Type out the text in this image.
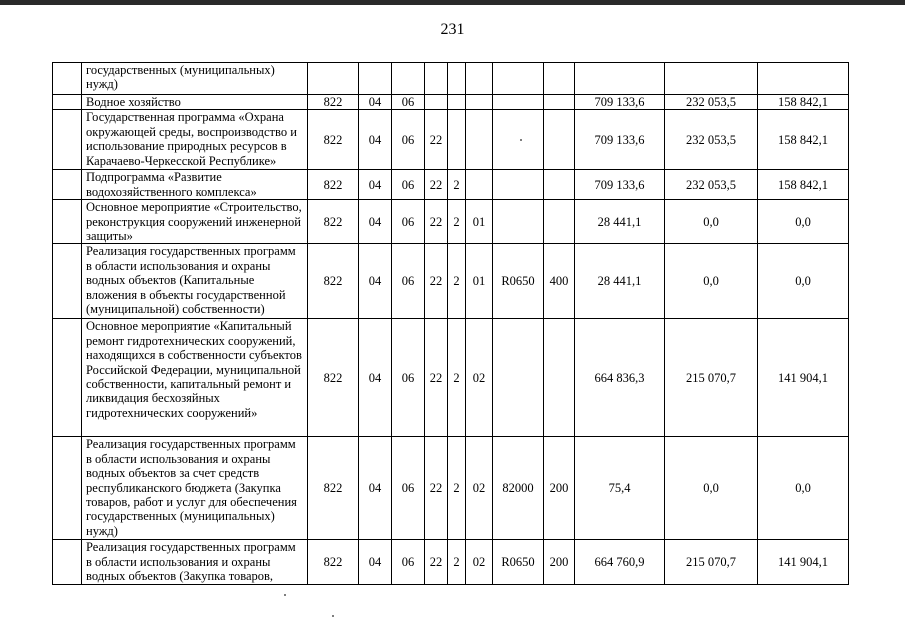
231
	государственных (муниципальных) нужд)											
	Водное хозяйство	822	04	06						709 133,6	232 053,5	158 842,1
	Государственная программа «Охрана окружающей среды, воспроизводство и использование природных ресурсов в Карачаево-Черкесской Республике»	822	04	06	22					709 133,6	232 053,5	158 842,1
	Подпрограмма «Развитие водохозяйственного комплекса»	822	04	06	22	2				709 133,6	232 053,5	158 842,1
	Основное мероприятие «Строительство, реконструкция сооружений инженерной защиты»	822	04	06	22	2	01			28 441,1	0,0	0,0
	Реализация государственных программ в области использования и охраны водных объектов (Капитальные вложения в объекты государственной (муниципальной) собственности)	822	04	06	22	2	01	R0650	400	28 441,1	0,0	0,0
	Основное мероприятие «Капитальный ремонт гидротехнических сооружений, находящихся в собственности субъектов Российской Федерации, муниципальной собственности, капитальный ремонт и ликвидация бесхозяйных гидротехнических сооружений»	822	04	06	22	2	02			664 836,3	215 070,7	141 904,1
	Реализация государственных программ в области использования и охраны водных объектов за счет средств республиканского бюджета (Закупка товаров, работ и услуг для обеспечения государственных (муниципальных) нужд)	822	04	06	22	2	02	82000	200	75,4	0,0	0,0
	Реализация государственных программ в области использования и охраны водных объектов (Закупка товаров,	822	04	06	22	2	02	R0650	200	664 760,9	215 070,7	141 904,1
